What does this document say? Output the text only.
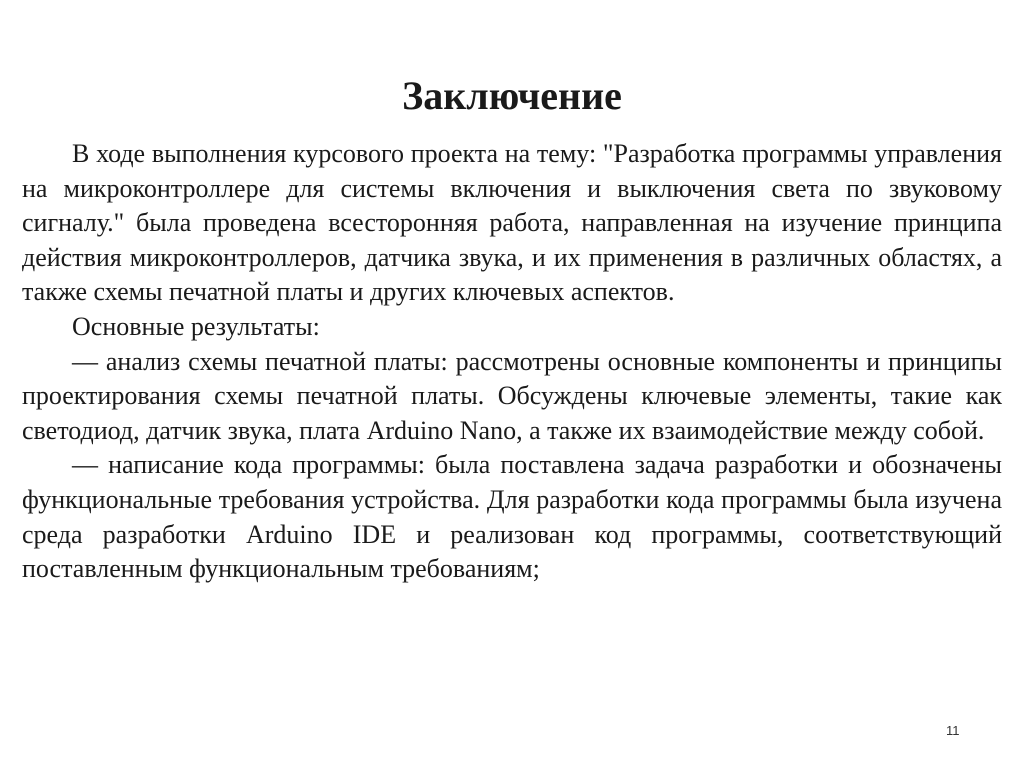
Заключение

В ходе выполнения курсового проекта на тему: "Разработка программы управления на микроконтроллере для системы включения и выключения света по звуковому сигналу." была проведена всесторонняя работа, направленная на изучение принципа действия микроконтроллеров, датчика звука, и их применения в различных областях, а также схемы печатной платы и других ключевых аспектов.

Основные результаты:

— анализ схемы печатной платы: рассмотрены основные компоненты и принципы проектирования схемы печатной платы. Обсуждены ключевые элементы, такие как светодиод, датчик звука, плата Arduino Nano, а также их взаимодействие между собой.

— написание кода программы: была поставлена задача разработки и обозначены функциональные требования устройства. Для разработки кода программы была изучена среда разработки Arduino IDE и реализован код программы, соответствующий поставленным функциональным требованиям;

11
